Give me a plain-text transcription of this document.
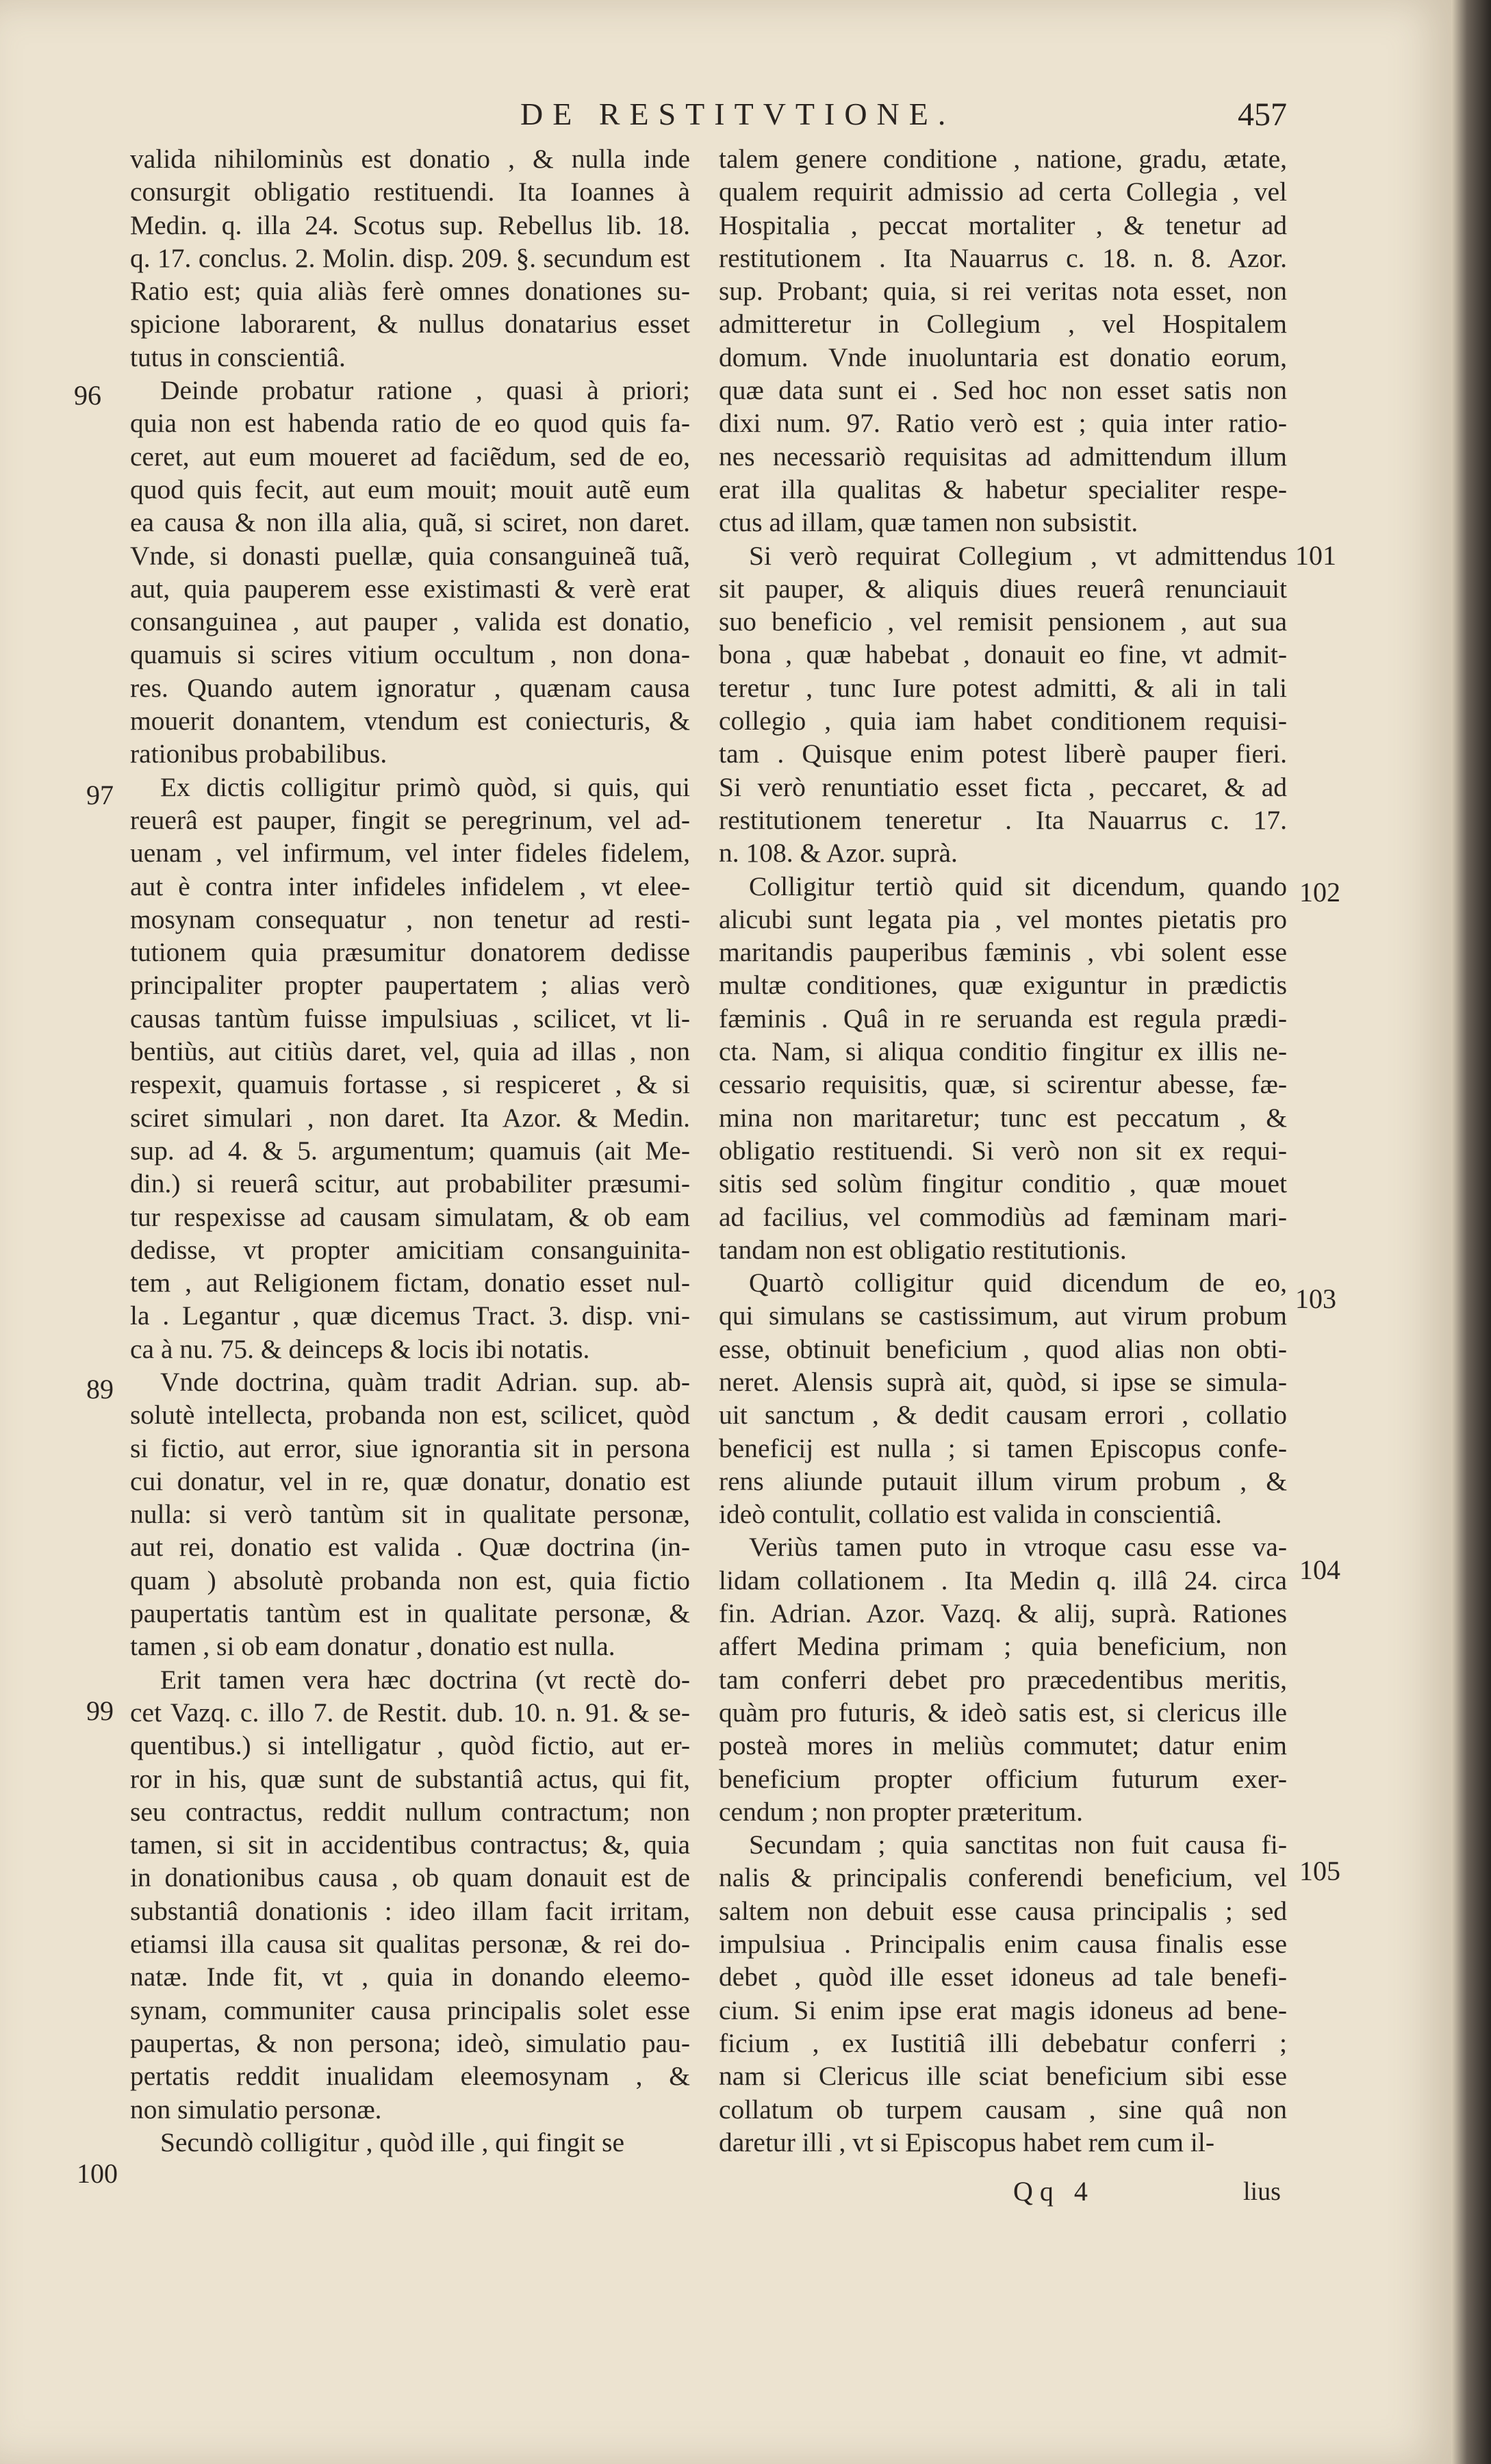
DE RESTITVTIONE.	457
valida nihilominùs est donatio , & nulla inde
consurgit obligatio restituendi. Ita Ioannes à
Medin. q. illa 24. Scotus sup. Rebellus lib. 18.
q. 17. conclus. 2. Molin. disp. 209. §. secundum est
Ratio est; quia aliàs ferè omnes donationes su-
spicione laborarent, & nullus donatarius esset
tutus in conscientiâ.
Deinde probatur ratione , quasi à priori;
quia non est habenda ratio de eo quod quis fa-
ceret, aut eum moueret ad faciẽdum, sed de eo,
quod quis fecit, aut eum mouit; mouit autẽ eum
ea causa & non illa alia, quã, si sciret, non daret.
Vnde, si donasti puellæ, quia consanguineã tuã,
aut, quia pauperem esse existimasti & verè erat
consanguinea , aut pauper , valida est donatio,
quamuis si scires vitium occultum , non dona-
res. Quando autem ignoratur , quænam causa
mouerit donantem, vtendum est coniecturis, &
rationibus probabilibus.
Ex dictis colligitur primò quòd, si quis, qui
reuerâ est pauper, fingit se peregrinum, vel ad-
uenam , vel infirmum, vel inter fideles fidelem,
aut è contra inter infideles infidelem , vt elee-
mosynam consequatur , non tenetur ad resti-
tutionem quia præsumitur donatorem dedisse
principaliter propter paupertatem ; alias verò
causas tantùm fuisse impulsiuas , scilicet, vt li-
bentiùs, aut citiùs daret, vel, quia ad illas , non
respexit, quamuis fortasse , si respiceret , & si
sciret simulari , non daret. Ita Azor. & Medin.
sup. ad 4. & 5. argumentum; quamuis (ait Me-
din.) si reuerâ scitur, aut probabiliter præsumi-
tur respexisse ad causam simulatam, & ob eam
dedisse, vt propter amicitiam consanguinita-
tem , aut Religionem fictam, donatio esset nul-
la . Legantur , quæ dicemus Tract. 3. disp. vni-
ca à nu. 75. & deinceps & locis ibi notatis.
Vnde doctrina, quàm tradit Adrian. sup. ab-
solutè intellecta, probanda non est, scilicet, quòd
si fictio, aut error, siue ignorantia sit in persona
cui donatur, vel in re, quæ donatur, donatio est
nulla: si verò tantùm sit in qualitate personæ,
aut rei, donatio est valida . Quæ doctrina (in-
quam ) absolutè probanda non est, quia fictio
paupertatis tantùm est in qualitate personæ, &
tamen , si ob eam donatur , donatio est nulla.
Erit tamen vera hæc doctrina (vt rectè do-
cet Vazq. c. illo 7. de Restit. dub. 10. n. 91. & se-
quentibus.) si intelligatur , quòd fictio, aut er-
ror in his, quæ sunt de substantiâ actus, qui fit,
seu contractus, reddit nullum contractum; non
tamen, si sit in accidentibus contractus; &, quia
in donationibus causa , ob quam donauit est de
substantiâ donationis : ideo illam facit irritam,
etiamsi illa causa sit qualitas personæ, & rei do-
natæ. Inde fit, vt , quia in donando eleemo-
synam, communiter causa principalis solet esse
paupertas, & non persona; ideò, simulatio pau-
pertatis reddit inualidam eleemosynam , &
non simulatio personæ.
Secundò colligitur , quòd ille , qui fingit se
talem genere conditione , natione, gradu, ætate,
qualem requirit admissio ad certa Collegia , vel
Hospitalia , peccat mortaliter , & tenetur ad
restitutionem . Ita Nauarrus c. 18. n. 8. Azor.
sup. Probant; quia, si rei veritas nota esset, non
admitteretur in Collegium , vel Hospitalem
domum. Vnde inuoluntaria est donatio eorum,
quæ data sunt ei . Sed hoc non esset satis non
dixi num. 97. Ratio verò est ; quia inter ratio-
nes necessariò requisitas ad admittendum illum
erat illa qualitas & habetur specialiter respe-
ctus ad illam, quæ tamen non subsistit.
Si verò requirat Collegium , vt admittendus
sit pauper, & aliquis diues reuerâ renunciauit
suo beneficio , vel remisit pensionem , aut sua
bona , quæ habebat , donauit eo fine, vt admit-
teretur , tunc Iure potest admitti, & ali in tali
collegio , quia iam habet conditionem requisi-
tam . Quisque enim potest liberè pauper fieri.
Si verò renuntiatio esset ficta , peccaret, & ad
restitutionem teneretur . Ita Nauarrus c. 17.
n. 108. & Azor. suprà.
Colligitur tertiò quid sit dicendum, quando
alicubi sunt legata pia , vel montes pietatis pro
maritandis pauperibus fæminis , vbi solent esse
multæ conditiones, quæ exiguntur in prædictis
fæminis . Quâ in re seruanda est regula prædi-
cta. Nam, si aliqua conditio fingitur ex illis ne-
cessario requisitis, quæ, si scirentur abesse, fæ-
mina non maritaretur; tunc est peccatum , &
obligatio restituendi. Si verò non sit ex requi-
sitis sed solùm fingitur conditio , quæ mouet
ad facilius, vel commodiùs ad fæminam mari-
tandam non est obligatio restitutionis.
Quartò colligitur quid dicendum de eo,
qui simulans se castissimum, aut virum probum
esse, obtinuit beneficium , quod alias non obti-
neret. Alensis suprà ait, quòd, si ipse se simula-
uit sanctum , & dedit causam errori , collatio
beneficij est nulla ; si tamen Episcopus confe-
rens aliunde putauit illum virum probum , &
ideò contulit, collatio est valida in conscientiâ.
Veriùs tamen puto in vtroque casu esse va-
lidam collationem . Ita Medin q. illâ 24. circa
fin. Adrian. Azor. Vazq. & alij, suprà. Rationes
affert Medina primam ; quia beneficium, non
tam conferri debet pro præcedentibus meritis,
quàm pro futuris, & ideò satis est, si clericus ille
posteà mores in meliùs commutet; datur enim
beneficium propter officium futurum exer-
cendum ; non propter præteritum.
Secundam ; quia sanctitas non fuit causa fi-
nalis & principalis conferendi beneficium, vel
saltem non debuit esse causa principalis ; sed
impulsiua . Principalis enim causa finalis esse
debet , quòd ille esset idoneus ad tale benefi-
cium. Si enim ipse erat magis idoneus ad bene-
ficium , ex Iustitiâ illi debebatur conferri ;
nam si Clericus ille sciat beneficium sibi esse
collatum ob turpem causam , sine quâ non
daretur illi , vt si Episcopus habet rem cum il-
96
97
89
99
100
101
102
103
104
105
Qq 4	lius
